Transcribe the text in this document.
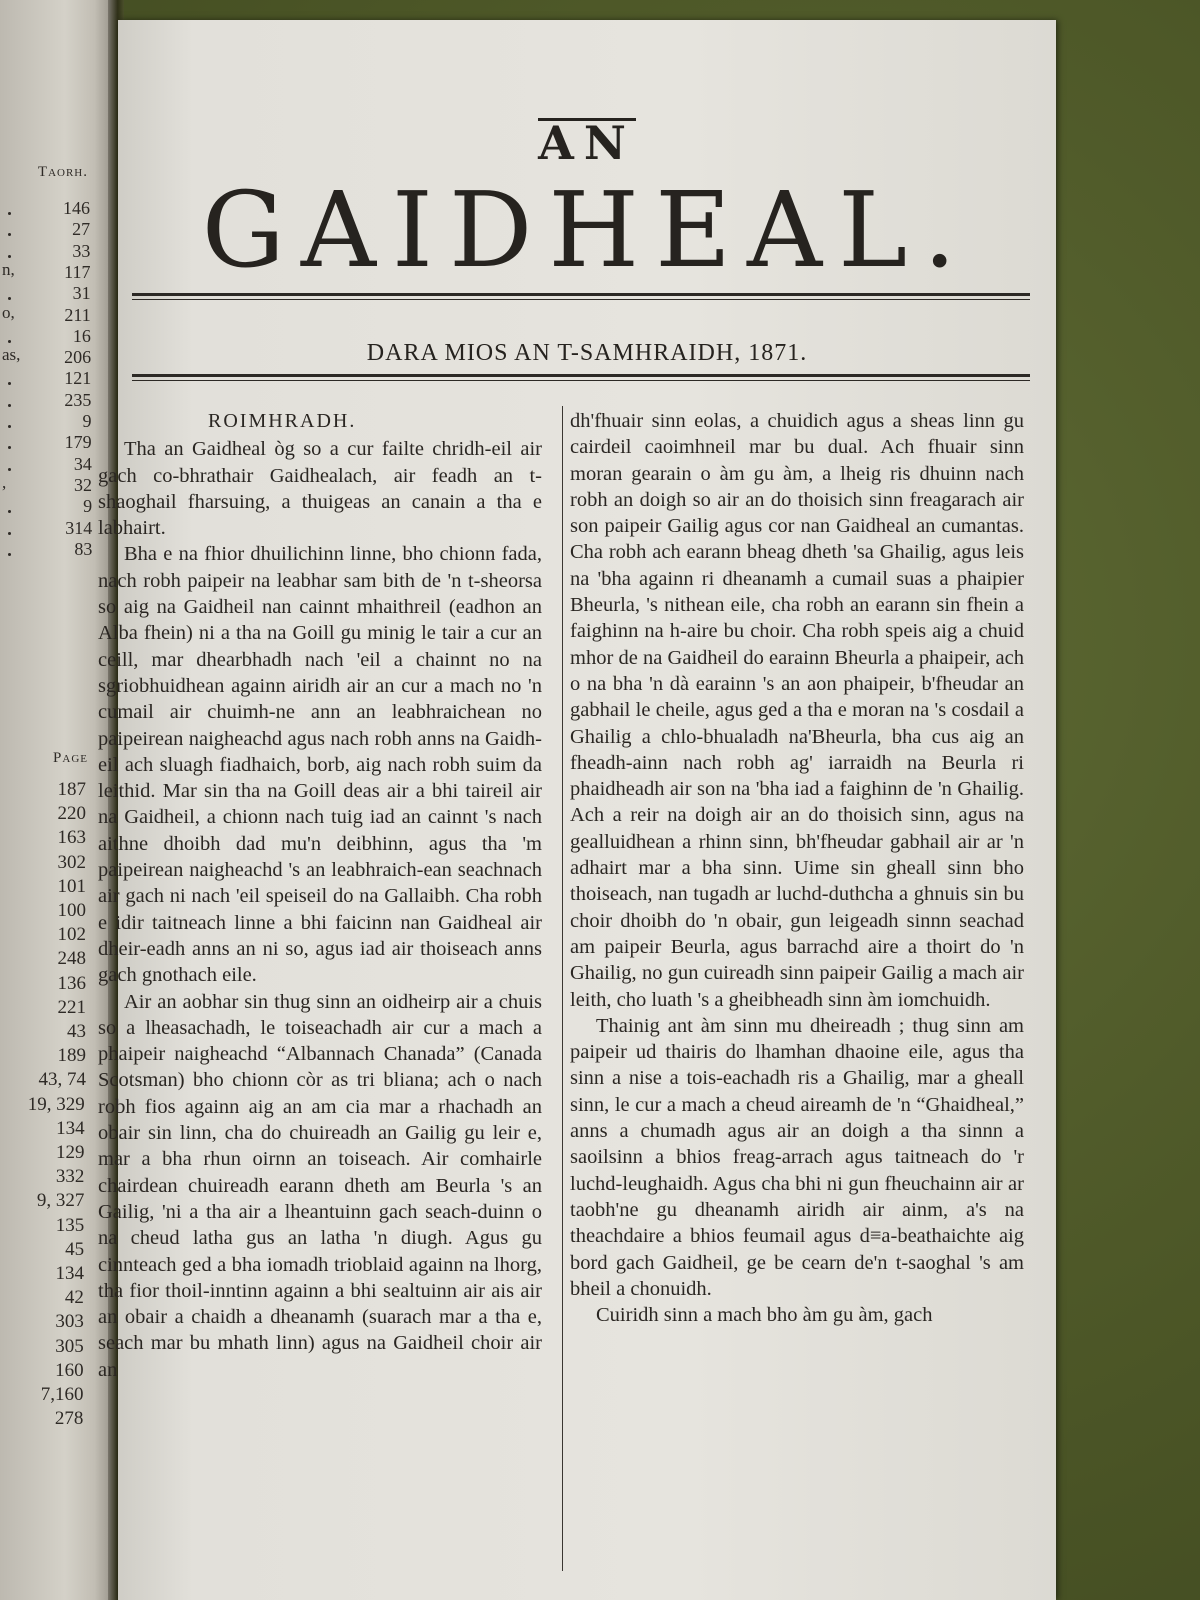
Taorh.
146
27
33
117
31
211
16
206
121
235
9
179
34
32
9
314
83
n,
o,
as,
,
Page
187
220
163
302
101
100
102
248
136
221
43
189
43, 74
19, 329
134
129
332
9, 327
135
45
134
42
303
305
160
7,160
278
AN
GAIDHEAL.
DARA MIOS AN T-SAMHRAIDH, 1871.

ROIMHRADH.

Tha an Gaidheal òg so a cur failte chridh-eil air gach co-bhrathair Gaidhealach, air feadh an t-shaoghail fharsuing, a thuigeas an canain a tha e labhairt.

Bha e na fhior dhuilichinn linne, bho chionn fada, nach robh paipeir na leabhar sam bith de 'n t-sheorsa so aig na Gaidheil nan cainnt mhaithreil (eadhon an Alba fhein) ni a tha na Goill gu minig le tair a cur an ceill, mar dhearbhadh nach 'eil a chainnt no na sgriobhuidhean againn airidh air an cur a mach no 'n cumail air chuimh-ne ann an leabhraichean no paipeirean naigheachd agus nach robh anns na Gaidh-eil ach sluagh fiadhaich, borb, aig nach robh suim da leithid. Mar sin tha na Goill deas air a bhi taireil air na Gaidheil, a chionn nach tuig iad an cainnt 's nach aithne dhoibh dad mu'n deibhinn, agus tha 'm paipeirean naigheachd 's an leabhraich-ean seachnach air gach ni nach 'eil speiseil do na Gallaibh. Cha robh e idir taitneach linne a bhi faicinn nan Gaidheal air dheir-eadh anns an ni so, agus iad air thoiseach anns gach gnothach eile.

Air an aobhar sin thug sinn an oidheirp air a chuis so a lheasachadh, le toiseachadh air cur a mach a phaipeir naigheachd “Albannach Chanada” (Canada Scotsman) bho chionn còr as tri bliana; ach o nach robh fios againn aig an am cia mar a rhachadh an obair sin linn, cha do chuireadh an Gailig gu leir e, mar a bha rhun oirnn an toiseach. Air comhairle chairdean chuireadh earann dheth am Beurla 's an Gailig, 'ni a tha air a lheantuinn gach seach-duinn o na cheud latha gus an latha 'n diugh. Agus gu cinnteach ged a bha iomadh trioblaid againn na lhorg, tha fior thoil-inntinn againn a bhi sealtuinn air ais air an obair a chaidh a dheanamh (suarach mar a tha e, seach mar bu mhath linn) agus na Gaidheil choir air an

dh'fhuair sinn eolas, a chuidich agus a sheas linn gu cairdeil caoimhneil mar bu dual. Ach fhuair sinn moran gearain o àm gu àm, a lheig ris dhuinn nach robh an doigh so air an do thoisich sinn freagarach air son paipeir Gailig agus cor nan Gaidheal an cumantas. Cha robh ach earann bheag dheth 'sa Ghailig, agus leis na 'bha againn ri dheanamh a cumail suas a phaipier Bheurla, 's nithean eile, cha robh an earann sin fhein a faighinn na h-aire bu choir. Cha robh speis aig a chuid mhor de na Gaidheil do earainn Bheurla a phaipeir, ach o na bha 'n dà earainn 's an aon phaipeir, b'fheudar an gabhail le cheile, agus ged a tha e moran na 's cosdail a Ghailig a chlo-bhualadh na'Bheurla, bha cus aig an fheadh-ainn nach robh ag' iarraidh na Beurla ri phaidheadh air son na 'bha iad a faighinn de 'n Ghailig. Ach a reir na doigh air an do thoisich sinn, agus na gealluidhean a rhinn sinn, bh'fheudar gabhail air ar 'n adhairt mar a bha sinn. Uime sin gheall sinn bho thoiseach, nan tugadh ar luchd-duthcha a ghnuis sin bu choir dhoibh do 'n obair, gun leigeadh sinnn seachad am paipeir Beurla, agus barrachd aire a thoirt do 'n Ghailig, no gun cuireadh sinn paipeir Gailig a mach air leith, cho luath 's a gheibheadh sinn àm iomchuidh.

Thainig ant àm sinn mu dheireadh ; thug sinn am paipeir ud thairis do lhamhan dhaoine eile, agus tha sinn a nise a tois-eachadh ris a Ghailig, mar a gheall sinn, le cur a mach a cheud aireamh de 'n “Ghaidheal,” anns a chumadh agus air an doigh a tha sinnn a saoilsinn a bhios freag-arrach agus taitneach do 'r luchd-leughaidh. Agus cha bhi ni gun fheuchainn air ar taobh'ne gu dheanamh airidh air ainm, a's na theachdaire a bhios feumail agus d≡a-beathaichte aig bord gach Gaidheil, ge be cearn de'n t-saoghal 's am bheil a chonuidh.

Cuiridh sinn a mach bho àm gu àm, gach
